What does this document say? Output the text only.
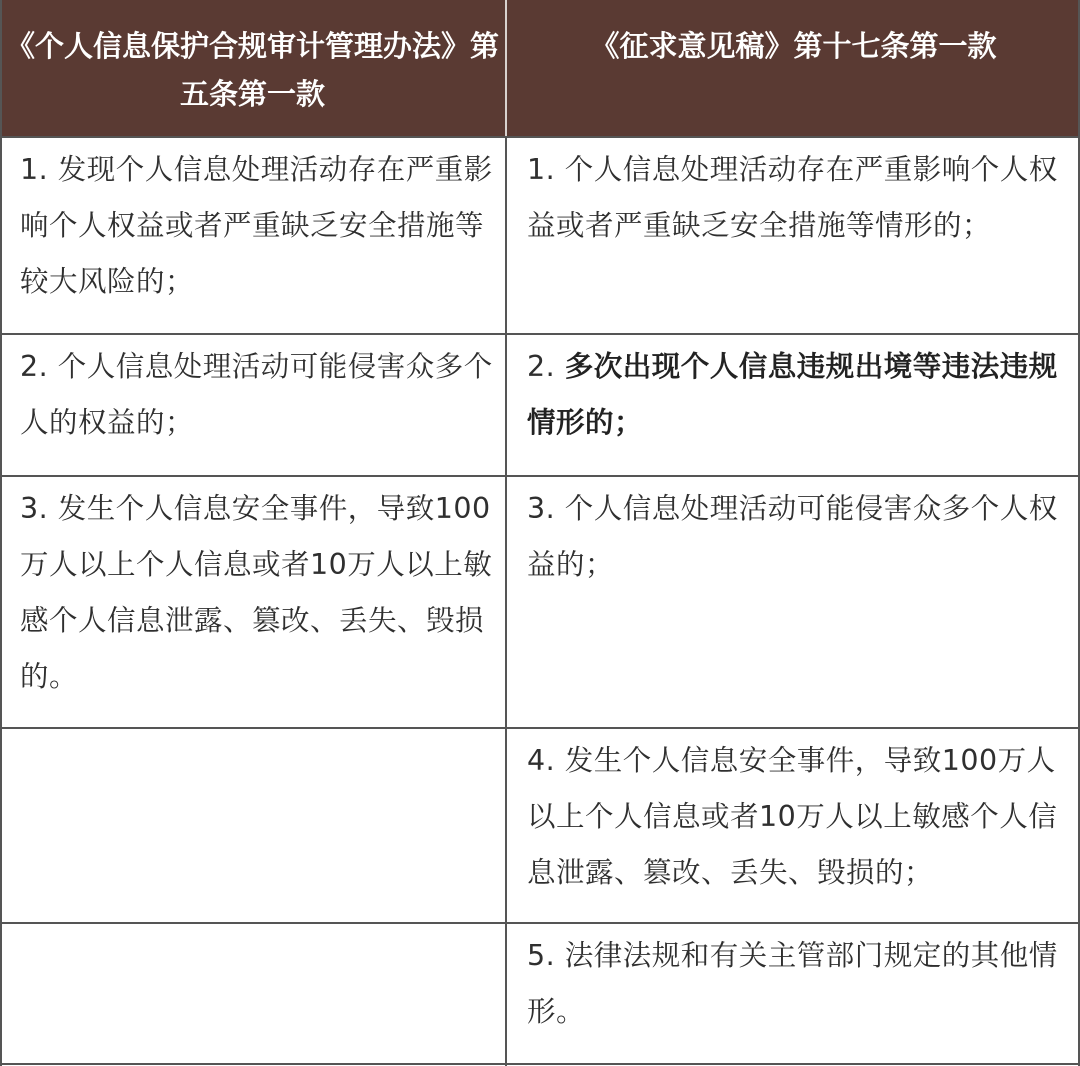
《个人信息保护合规审计管理办法》第五条第一款
《征求意见稿》第十七条第一款
1. 发现个人信息处理活动存在严重影响个人权益或者严重缺乏安全措施等较大风险的；
1. 个人信息处理活动存在严重影响个人权益或者严重缺乏安全措施等情形的；
2. 个人信息处理活动可能侵害众多个人的权益的；
2. 多次出现个人信息违规出境等违法违规情形的；
3. 发生个人信息安全事件，导致100万人以上个人信息或者10万人以上敏感个人信息泄露、篡改、丢失、毁损的。
3. 个人信息处理活动可能侵害众多个人权益的；
4. 发生个人信息安全事件，导致100万人以上个人信息或者10万人以上敏感个人信息泄露、篡改、丢失、毁损的；
5. 法律法规和有关主管部门规定的其他情形。
